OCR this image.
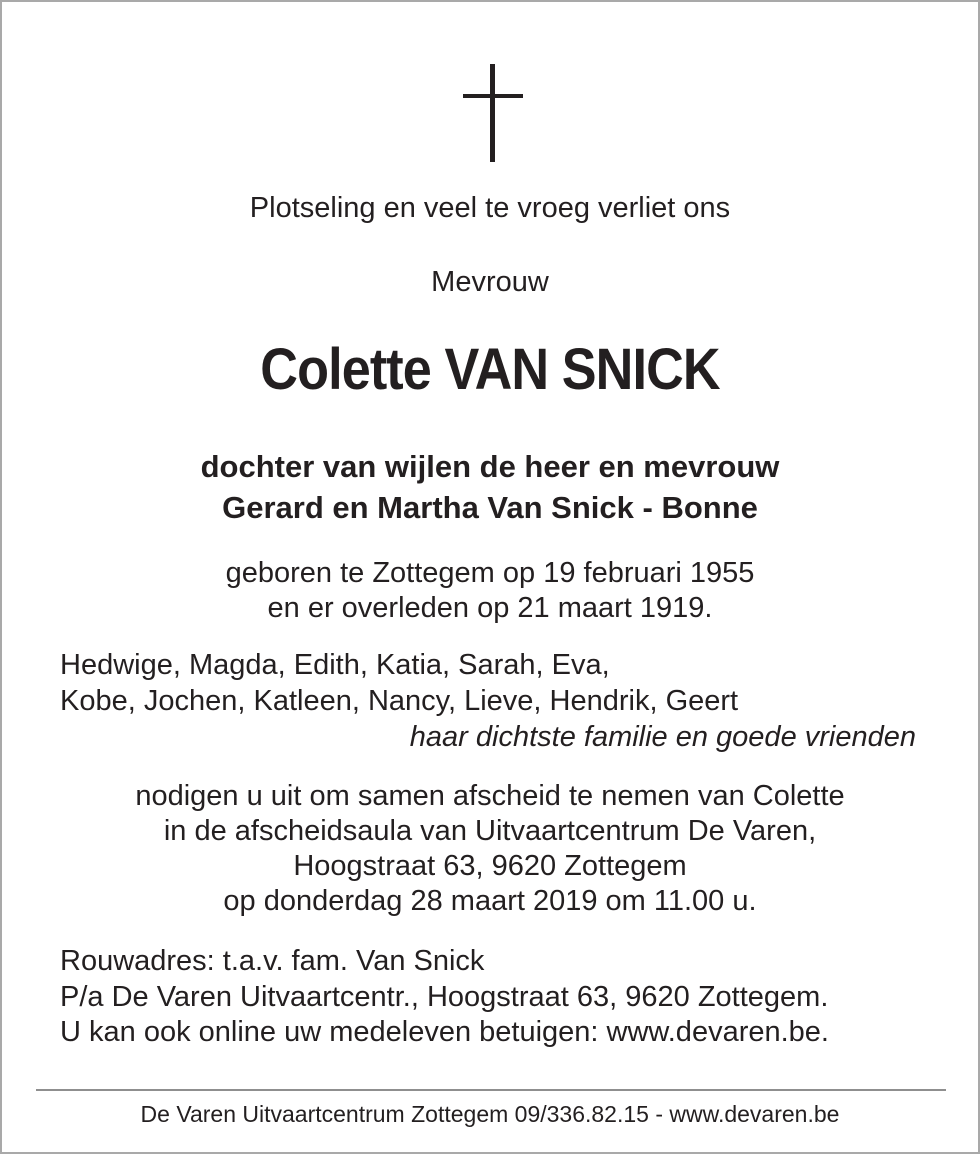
Plotseling en veel te vroeg verliet ons
Mevrouw
Colette VAN SNICK
dochter van wijlen de heer en mevrouw
Gerard en Martha Van Snick - Bonne
geboren te Zottegem op 19 februari 1955
en er overleden op 21 maart 1919.
Hedwige, Magda, Edith, Katia, Sarah, Eva,
Kobe, Jochen, Katleen, Nancy, Lieve, Hendrik, Geert
haar dichtste familie en goede vrienden
nodigen u uit om samen afscheid te nemen van Colette
in de afscheidsaula van Uitvaartcentrum De Varen,
Hoogstraat 63, 9620 Zottegem
op donderdag 28 maart 2019 om 11.00 u.
Rouwadres: t.a.v. fam. Van Snick
P/a De Varen Uitvaartcentr., Hoogstraat 63, 9620 Zottegem.
U kan ook online uw medeleven betuigen: www.devaren.be.
De Varen Uitvaartcentrum Zottegem 09/336.82.15 - www.devaren.be
